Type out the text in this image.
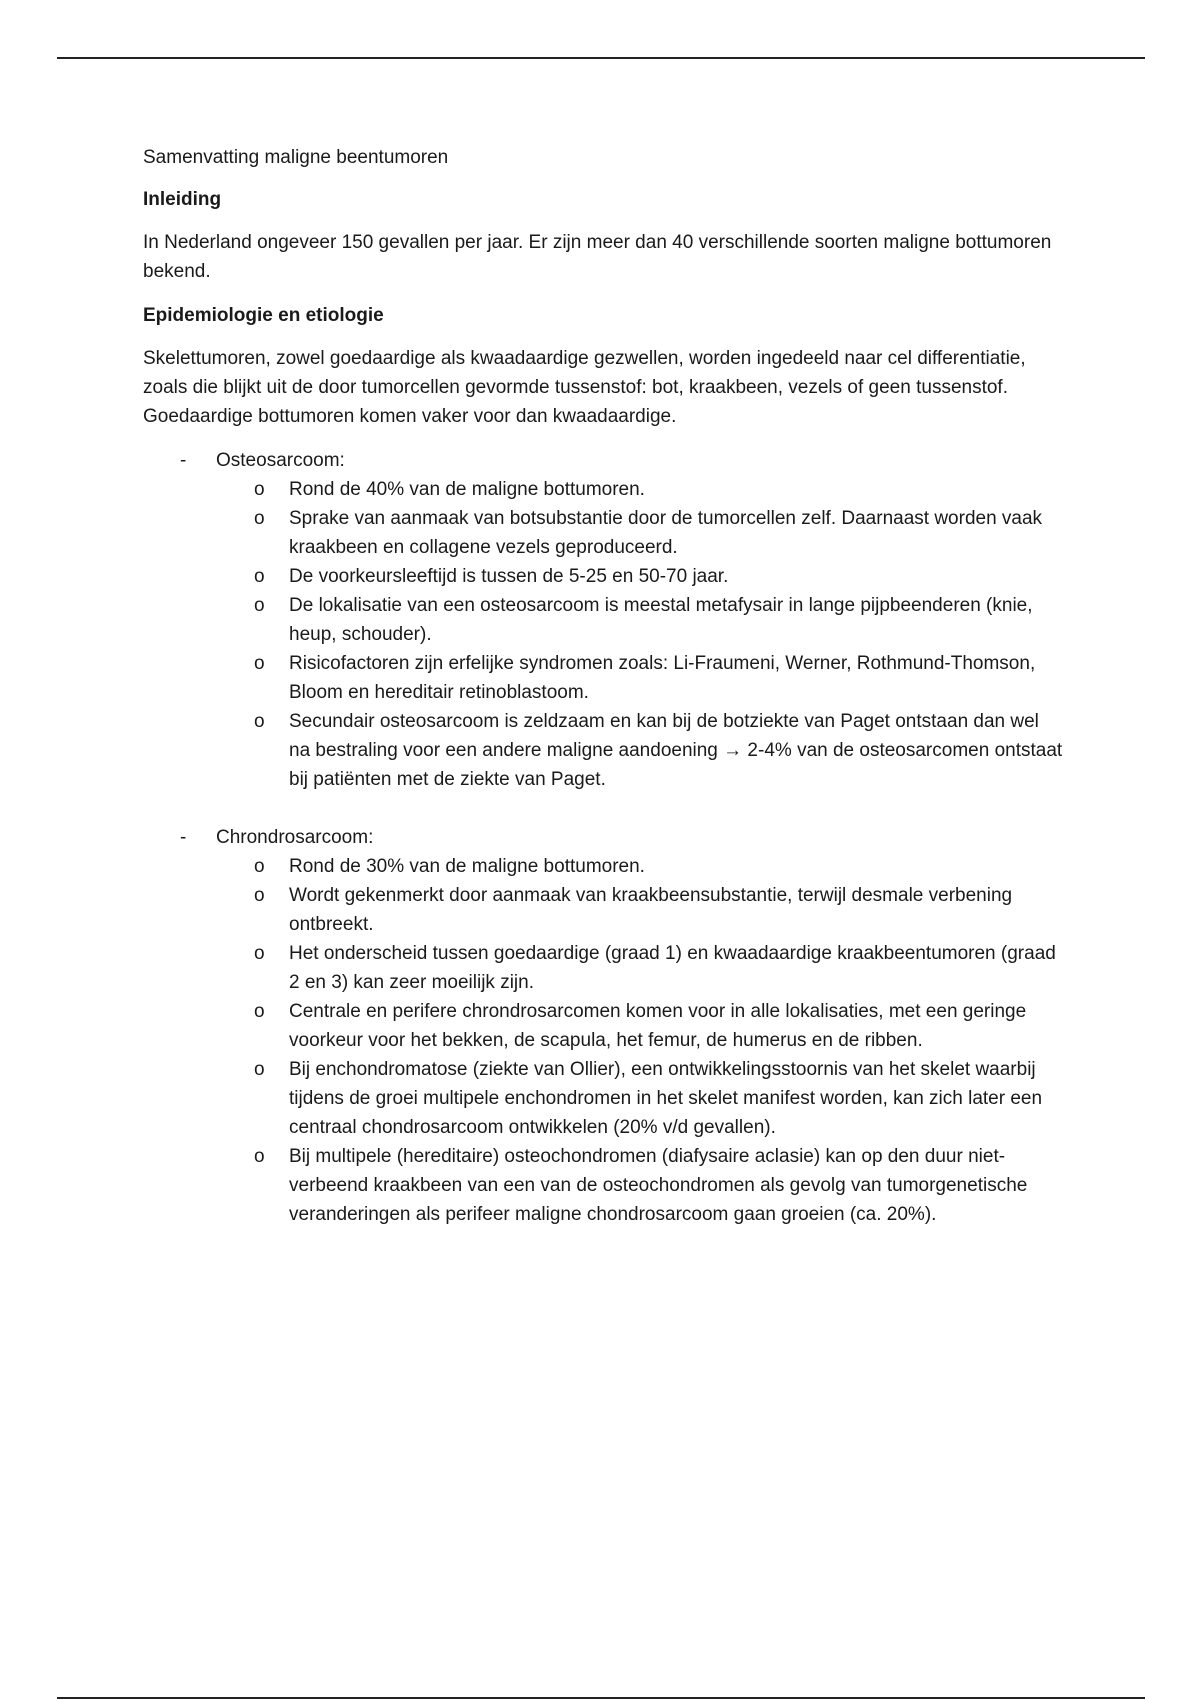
Samenvatting maligne beentumoren

Inleiding

In Nederland ongeveer 150 gevallen per jaar. Er zijn meer dan 40 verschillende soorten maligne bottumoren bekend.

Epidemiologie en etiologie

Skelettumoren, zowel goedaardige als kwaadaardige gezwellen, worden ingedeeld naar cel differentiatie, zoals die blijkt uit de door tumorcellen gevormde tussenstof: bot, kraakbeen, vezels of geen tussenstof. Goedaardige bottumoren komen vaker voor dan kwaadaardige.

- Osteosarcoom:
o Rond de 40% van de maligne bottumoren.
o Sprake van aanmaak van botsubstantie door de tumorcellen zelf. Daarnaast worden vaak kraakbeen en collagene vezels geproduceerd.
o De voorkeursleeftijd is tussen de 5-25 en 50-70 jaar.
o De lokalisatie van een osteosarcoom is meestal metafysair in lange pijpbeenderen (knie, heup, schouder).
o Risicofactoren zijn erfelijke syndromen zoals: Li-Fraumeni, Werner, Rothmund-Thomson, Bloom en hereditair retinoblastoom.
o Secundair osteosarcoom is zeldzaam en kan bij de botziekte van Paget ontstaan dan wel na bestraling voor een andere maligne aandoening → 2-4% van de osteosarcomen ontstaat bij patiënten met de ziekte van Paget.
- Chrondrosarcoom:
o Rond de 30% van de maligne bottumoren.
o Wordt gekenmerkt door aanmaak van kraakbeensubstantie, terwijl desmale verbening ontbreekt.
o Het onderscheid tussen goedaardige (graad 1) en kwaadaardige kraakbeentumoren (graad 2 en 3) kan zeer moeilijk zijn.
o Centrale en perifere chrondrosarcomen komen voor in alle lokalisaties, met een geringe voorkeur voor het bekken, de scapula, het femur, de humerus en de ribben.
o Bij enchondromatose (ziekte van Ollier), een ontwikkelingsstoornis van het skelet waarbij tijdens de groei multipele enchondromen in het skelet manifest worden, kan zich later een centraal chondrosarcoom ontwikkelen (20% v/d gevallen).
o Bij multipele (hereditaire) osteochondromen (diafysaire aclasie) kan op den duur niet-verbeend kraakbeen van een van de osteochondromen als gevolg van tumorgenetische veranderingen als perifeer maligne chondrosarcoom gaan groeien (ca. 20%).
